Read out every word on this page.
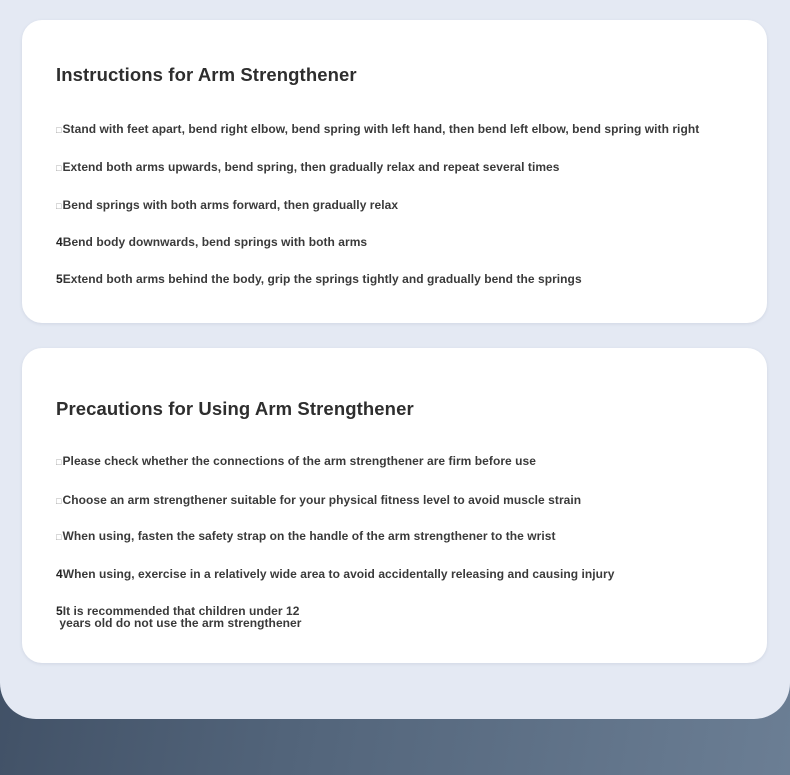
Instructions for Arm Strengthener
□Stand with feet apart, bend right elbow, bend spring with left hand, then bend left elbow, bend spring with right
□Extend both arms upwards, bend spring, then gradually relax and repeat several times
□Bend springs with both arms forward, then gradually relax
4Bend body downwards, bend springs with both arms
5Extend both arms behind the body, grip the springs tightly and gradually bend the springs
Precautions for Using Arm Strengthener
□Please check whether the connections of the arm strengthener are firm before use
□Choose an arm strengthener suitable for your physical fitness level to avoid muscle strain
□When using, fasten the safety strap on the handle of the arm strengthener to the wrist
4When using, exercise in a relatively wide area to avoid accidentally releasing and causing injury
5It is recommended that children under 12
years old do not use the arm strengthener
